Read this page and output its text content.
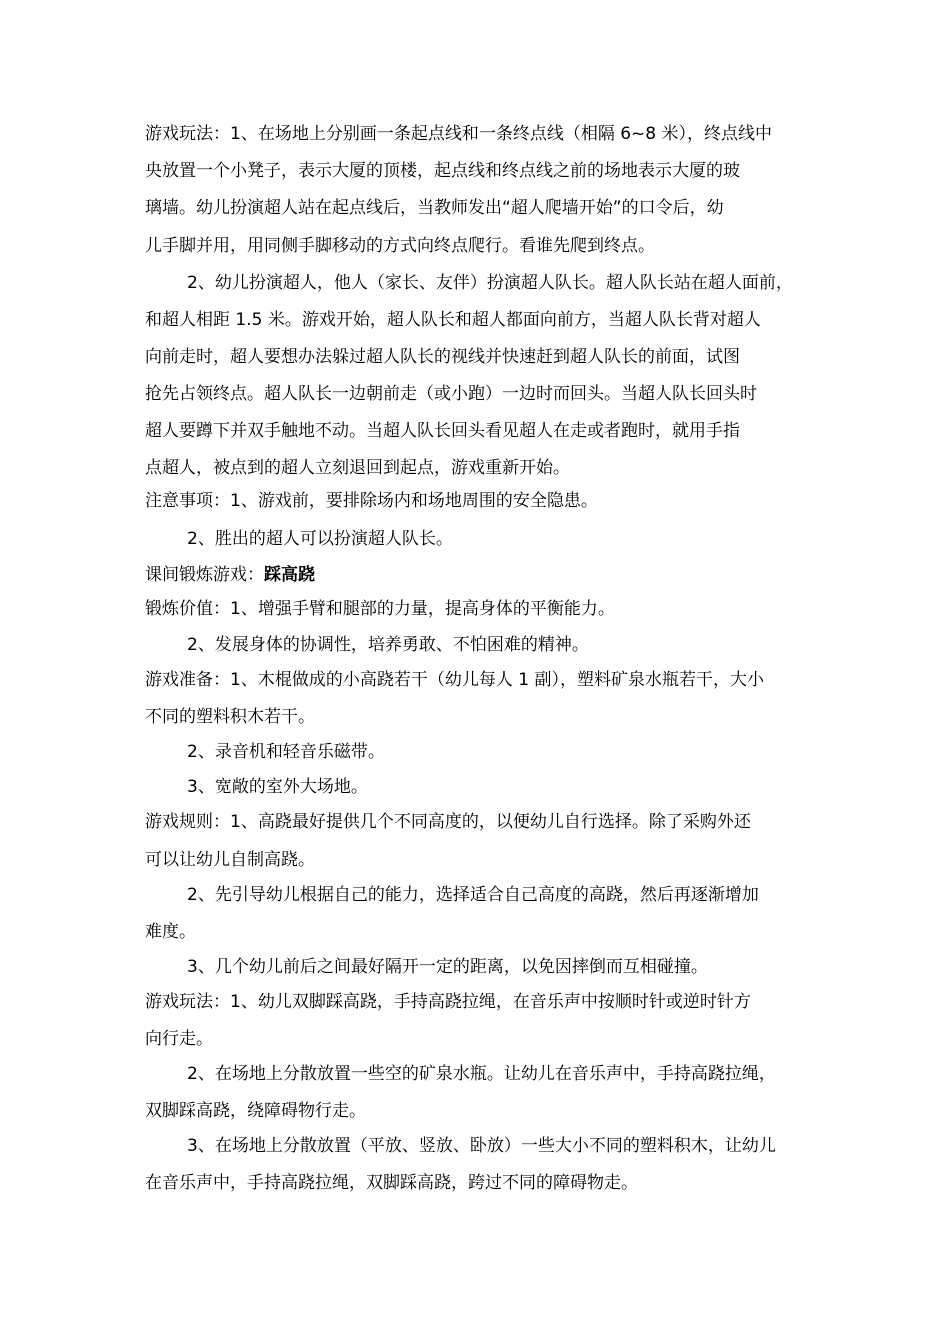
游戏玩法：1、在场地上分别画一条起点线和一条终点线（相隔 6~8 米），终点线中

央放置一个小凳子，表示大厦的顶楼，起点线和终点线之前的场地表示大厦的玻

璃墙。幼儿扮演超人站在起点线后，当教师发出“超人爬墙开始”的口令后，幼

儿手脚并用，用同侧手脚移动的方式向终点爬行。看谁先爬到终点。

2、幼儿扮演超人，他人（家长、友伴）扮演超人队长。超人队长站在超人面前，

和超人相距 1.5 米。游戏开始，超人队长和超人都面向前方，当超人队长背对超人

向前走时，超人要想办法躲过超人队长的视线并快速赶到超人队长的前面，试图

抢先占领终点。超人队长一边朝前走（或小跑）一边时而回头。当超人队长回头时

超人要蹲下并双手触地不动。当超人队长回头看见超人在走或者跑时，就用手指

点超人，被点到的超人立刻退回到起点，游戏重新开始。

注意事项：1、游戏前，要排除场内和场地周围的安全隐患。

2、胜出的超人可以扮演超人队长。

课间锻炼游戏：踩高跷

锻炼价值：1、增强手臂和腿部的力量，提高身体的平衡能力。

2、发展身体的协调性，培养勇敢、不怕困难的精神。

游戏准备：1、木棍做成的小高跷若干（幼儿每人 1 副），塑料矿泉水瓶若干，大小

不同的塑料积木若干。

2、录音机和轻音乐磁带。

3、宽敞的室外大场地。

游戏规则：1、高跷最好提供几个不同高度的，以便幼儿自行选择。除了采购外还

可以让幼儿自制高跷。

2、先引导幼儿根据自己的能力，选择适合自己高度的高跷，然后再逐渐增加

难度。

3、几个幼儿前后之间最好隔开一定的距离，以免因摔倒而互相碰撞。

游戏玩法：1、幼儿双脚踩高跷，手持高跷拉绳，在音乐声中按顺时针或逆时针方

向行走。

2、在场地上分散放置一些空的矿泉水瓶。让幼儿在音乐声中，手持高跷拉绳，

双脚踩高跷，绕障碍物行走。

3、在场地上分散放置（平放、竖放、卧放）一些大小不同的塑料积木，让幼儿

在音乐声中，手持高跷拉绳，双脚踩高跷，跨过不同的障碍物走。
